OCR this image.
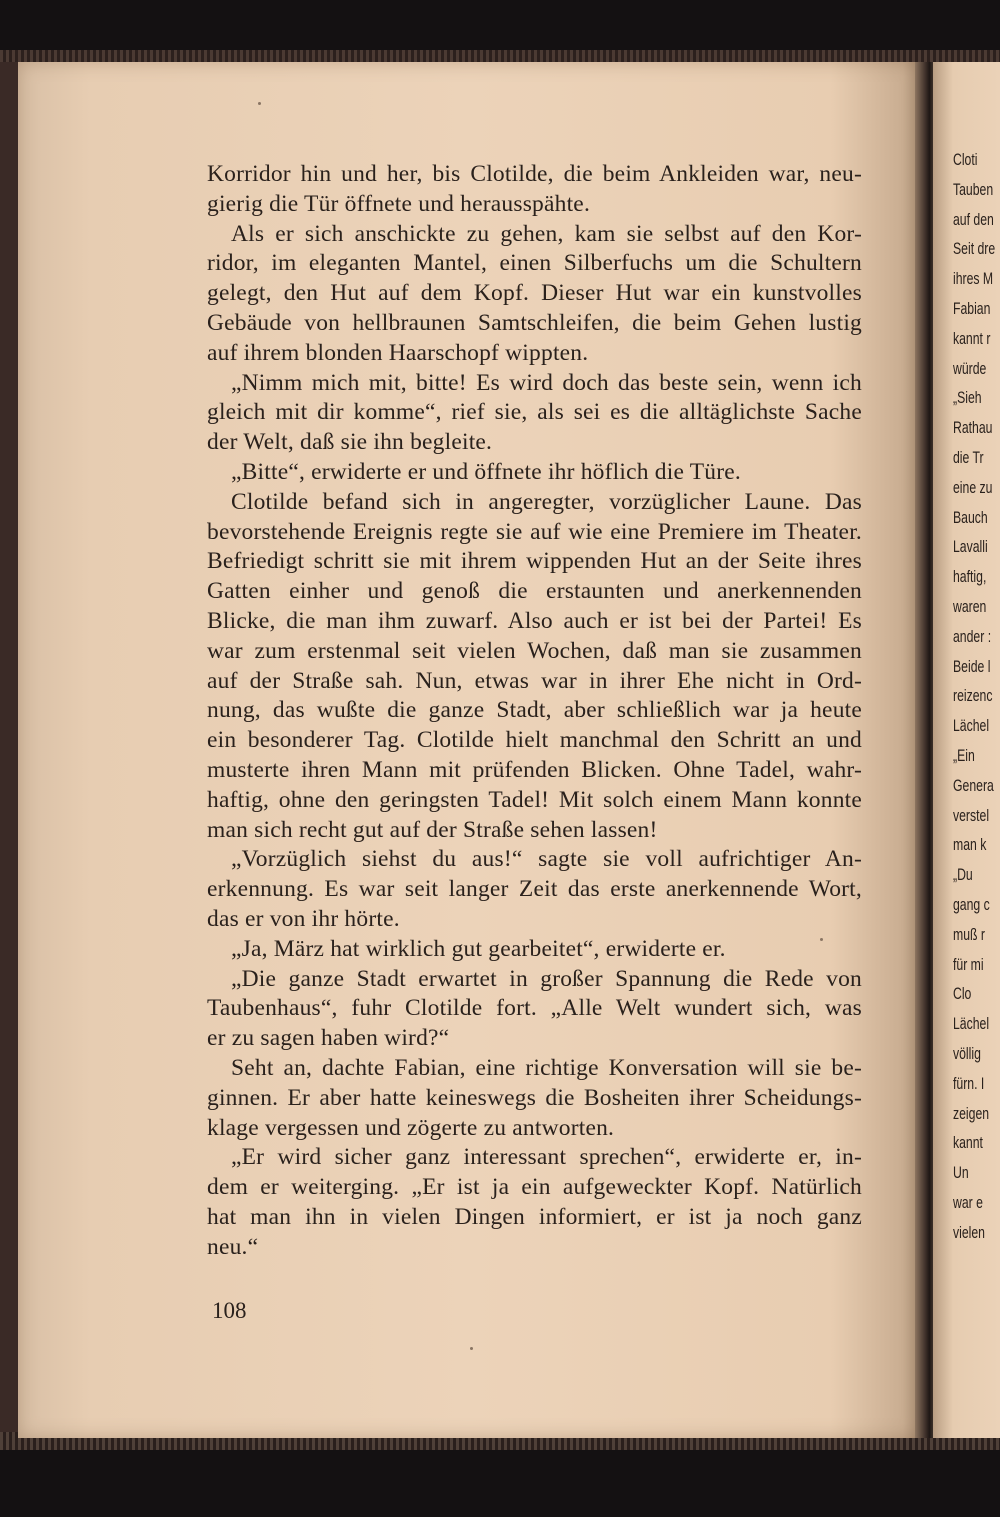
Korridor hin und her, bis Clotilde, die beim Ankleiden war, neu-
gierig die Tür öffnete und herausspähte.
Als er sich anschickte zu gehen, kam sie selbst auf den Kor-
ridor, im eleganten Mantel, einen Silberfuchs um die Schultern
gelegt, den Hut auf dem Kopf. Dieser Hut war ein kunstvolles
Gebäude von hellbraunen Samtschleifen, die beim Gehen lustig
auf ihrem blonden Haarschopf wippten.
„Nimm mich mit, bitte! Es wird doch das beste sein, wenn ich
gleich mit dir komme“, rief sie, als sei es die alltäglichste Sache
der Welt, daß sie ihn begleite.
„Bitte“, erwiderte er und öffnete ihr höflich die Türe.
Clotilde befand sich in angeregter, vorzüglicher Laune. Das
bevorstehende Ereignis regte sie auf wie eine Premiere im Theater.
Befriedigt schritt sie mit ihrem wippenden Hut an der Seite ihres
Gatten einher und genoß die erstaunten und anerkennenden
Blicke, die man ihm zuwarf. Also auch er ist bei der Partei! Es
war zum erstenmal seit vielen Wochen, daß man sie zusammen
auf der Straße sah. Nun, etwas war in ihrer Ehe nicht in Ord-
nung, das wußte die ganze Stadt, aber schließlich war ja heute
ein besonderer Tag. Clotilde hielt manchmal den Schritt an und
musterte ihren Mann mit prüfenden Blicken. Ohne Tadel, wahr-
haftig, ohne den geringsten Tadel! Mit solch einem Mann konnte
man sich recht gut auf der Straße sehen lassen!
„Vorzüglich siehst du aus!“ sagte sie voll aufrichtiger An-
erkennung. Es war seit langer Zeit das erste anerkennende Wort,
das er von ihr hörte.
„Ja, März hat wirklich gut gearbeitet“, erwiderte er.
„Die ganze Stadt erwartet in großer Spannung die Rede von
Taubenhaus“, fuhr Clotilde fort. „Alle Welt wundert sich, was
er zu sagen haben wird?“
Seht an, dachte Fabian, eine richtige Konversation will sie be-
ginnen. Er aber hatte keineswegs die Bosheiten ihrer Scheidungs-
klage vergessen und zögerte zu antworten.
„Er wird sicher ganz interessant sprechen“, erwiderte er, in-
dem er weiterging. „Er ist ja ein aufgeweckter Kopf. Natürlich
hat man ihn in vielen Dingen informiert, er ist ja noch ganz
neu.“
108
Cloti
Tauben
auf den
Seit dre
ihres M
Fabian
kannt r
würde
„Sieh
Rathau
die Tr
eine zu
Bauch
Lavalli
haftig,
waren
ander :
Beide l
reizenc
Lächel
„Ein
Genera
verstel
man k
„Du
gang c
muß r
für mi
Clo
Lächel
völlig
fürn. I
zeigen
kannt
Un
war e
vielen
